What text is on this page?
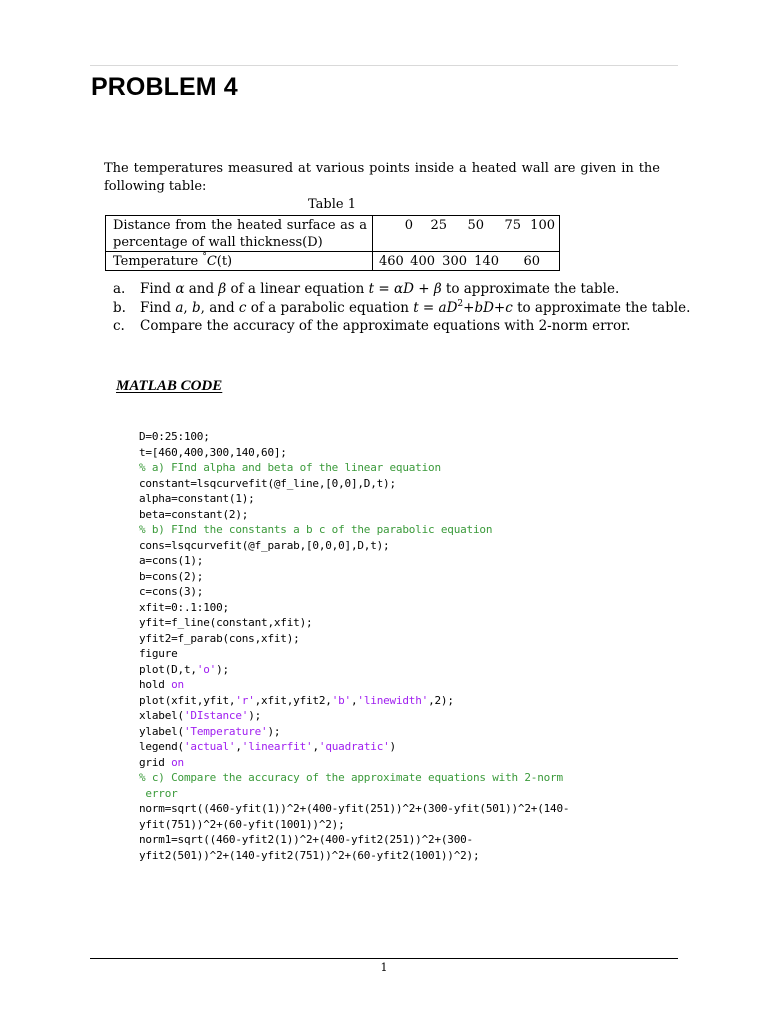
PROBLEM 4

The temperatures measured at various points inside a heated wall are given in the following table:

Table 1
Distance from the heated surface as a percentage of wall thickness(D)	0 25 50 75 100

Temperature °C(t)	460 400 300 140 60
a.	Find α and β of a linear equation t = αD + β to approximate the table.
b.	Find a, b, and c of a parabolic equation $t = aD^2+bD+c$ to approximate the table.
c.	Compare the accuracy of the approximate equations with 2-norm error.
MATLAB CODE
D=0:25:100;
t=[460,400,300,140,60];
% a) FInd alpha and beta of the linear equation
constant=lsqcurvefit(@f_line,[0,0],D,t);
alpha=constant(1);
beta=constant(2);
% b) FInd the constants a b c of the parabolic equation
cons=lsqcurvefit(@f_parab,[0,0,0],D,t);
a=cons(1);
b=cons(2);
c=cons(3);
xfit=0:.1:100;
yfit=f_line(constant,xfit);
yfit2=f_parab(cons,xfit);
figure
plot(D,t,'o');
hold on
plot(xfit,yfit,'r',xfit,yfit2,'b','linewidth',2);
xlabel('DIstance');
ylabel('Temperature');
legend('actual','linearfit','quadratic')
grid on
% c) Compare the accuracy of the approximate equations with 2-norm
error
norm=sqrt((460-yfit(1))^2+(400-yfit(251))^2+(300-yfit(501))^2+(140-
yfit(751))^2+(60-yfit(1001))^2);
norm1=sqrt((460-yfit2(1))^2+(400-yfit2(251))^2+(300-
yfit2(501))^2+(140-yfit2(751))^2+(60-yfit2(1001))^2);
1
